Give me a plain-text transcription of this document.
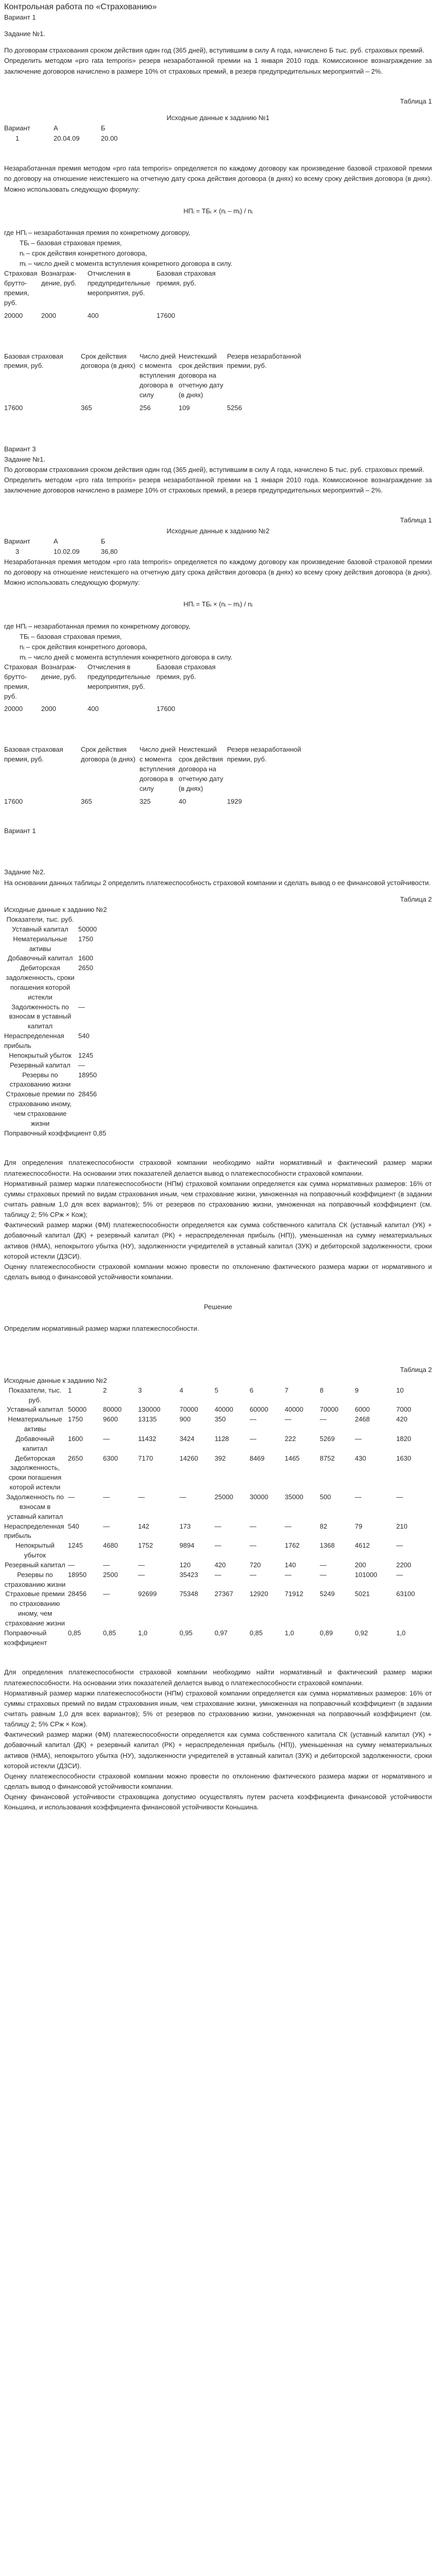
Контрольная работа по «Страхованию»

Вариант 1

Задание №1.

По договорам страхования сроком действия один год (365 дней), вступившим в силу А года, начислено Б тыс. руб. страховых премий.

Определить методом «pro rata temporis» резерв незаработанной премии на 1 января 2010 года. Комиссионное вознаграждение за заключение договоров начислено в размере 10% от страховых премий, в резерв предупредительных мероприятий – 2%.

Таблица 1

Исходные данные к заданию №1

Вариант	А	Б
1	20.04.09	20.00

Незаработанная премия методом «pro rata temporis» определяется по каждому договору как произведение базовой страховой премии по договору на отношение неистекшего на отчетную дату срока действия договора (в днях) ко всему сроку действия договора (в днях). Можно использовать следующую формулу:

НПᵢ = ТБᵢ × (nᵢ – mᵢ) / nᵢ

где НПᵢ – незаработанная премия по конкретному договору,

ТБᵢ – базовая страховая премия,

nᵢ – срок действия конкретного договора,

mᵢ – число дней с момента вступления конкретного договора в силу.

Страховая брутто-премия, руб.	Вознаграж-дение, руб.	Отчисления в предупредительные мероприятия, руб.	Базовая страховая премия, руб.
20000	2000	400	17600
Базовая страховая премия, руб.	Срок действия договора (в днях)	Число дней с момента вступления договора в силу	Неистекший срок действия договора на отчетную дату (в днях)	Резерв незаработанной премии, руб.
17600	365	256	109	5256

Вариант 3

Задание №1.

По договорам страхования сроком действия один год (365 дней), вступившим в силу А года, начислено Б тыс. руб. страховых премий.

Определить методом «pro rata temporis» резерв незаработанной премии на 1 января 2010 года. Комиссионное вознаграждение за заключение договоров начислено в размере 10% от страховых премий, в резерв предупредительных мероприятий – 2%.

Таблица 1

Исходные данные к заданию №2

Вариант	А	Б
3	10.02.09	36,80

Незаработанная премия методом «pro rata temporis» определяется по каждому договору как произведение базовой страховой премии по договору на отношение неистекшего на отчетную дату срока действия договора (в днях) ко всему сроку действия договора (в днях). Можно использовать следующую формулу:

НПᵢ = ТБᵢ × (nᵢ – mᵢ) / nᵢ

где НПᵢ – незаработанная премия по конкретному договору,

ТБᵢ – базовая страховая премия,

nᵢ – срок действия конкретного договора,

mᵢ – число дней с момента вступления конкретного договора в силу.

Страховая брутто-премия, руб.	Вознаграж-дение, руб.	Отчисления в предупредительные мероприятия, руб.	Базовая страховая премия, руб.
20000	2000	400	17600
Базовая страховая премия, руб.	Срок действия договора (в днях)	Число дней с момента вступления договора в силу	Неистекший срок действия договора на отчетную дату (в днях)	Резерв незаработанной премии, руб.
17600	365	325	40	1929

Вариант 1

Задание №2.

На основании данных таблицы 2 определить платежеспособность страховой компании и сделать вывод о ее финансовой устойчивости.

Таблица 2

Исходные данные к заданию №2

Показатели, тыс. руб.	
Уставный капитал	50000
Нематериальные активы	1750
Добавочный капитал	1600
Дебиторская задолженность, сроки погашения которой истекли	2650
Задолженность по взносам в уставный капитал	—
Нераспределенная прибыль	540
Непокрытый убыток	1245
Резервный капитал	—
Резервы по страхованию жизни	18950
Страховые премии по страхованию иному, чем страхование жизни	28456
Поправочный коэффициент 0,85	

Для определения платежеспособности страховой компании необходимо найти нормативный и фактический размер маржи платежеспособности. На основании этих показателей делается вывод о платежеспособности страховой компании.

Нормативный размер маржи платежеспособности (НПм) страховой компании определяется как сумма нормативных размеров: 16% от суммы страховых премий по видам страхования иным, чем страхование жизни, умноженная на поправочный коэффициент (в задании считать равным 1,0 для всех вариантов); 5% от резервов по страхованию жизни, умноженная на поправочный коэффициент (см. таблицу 2; 5% СРж × Кож);

Фактический размер маржи (ФМ) платежеспособности определяется как сумма собственного капитала СК (уставный капитал (УК) + добавочный капитал (ДК) + резервный капитал (РК) + нераспределенная прибыль (НП)), уменьшенная на сумму нематериальных активов (НМА), непокрытого убытка (НУ), задолженности учредителей в уставный капитал (ЗУК) и дебиторской задолженности, сроки которой истекли (ДЗСИ).

Оценку платежеспособности страховой компании можно провести по отклонению фактического размера маржи от нормативного и сделать вывод о финансовой устойчивости компании.

Решение

Определим нормативный размер маржи платежеспособности.

Таблица 2

Исходные данные к заданию №2

Показатели, тыс. руб.	1	2	3	4	5	6	7	8	9	10
Уставный капитал	50000	80000	130000	70000	40000	60000	40000	70000	6000	7000
Нематериальные активы	1750	9600	13135	900	350	—	—	—	2468	420
Добавочный капитал	1600	—	11432	3424	1128	—	222	5269	—	1820
Дебиторская задолженность, сроки погашения которой истекли	2650	6300	7170	14260	392	8469	1465	8752	430	1630
Задолженность по взносам в уставный капитал	—	—	—	—	25000	30000	35000	500	—	—
Нераспределенная прибыль	540	—	142	173	—	—	—	82	79	210
Непокрытый убыток	1245	4680	1752	9894	—	—	1762	1368	4612	—
Резервный капитал	—	—	—	120	420	720	140	—	200	2200
Резервы по страхованию жизни	18950	2500	—	35423	—	—	—	—	101000	—
Страховые премии по страхованию иному, чем страхование жизни	28456	—	92699	75348	27367	12920	71912	5249	5021	63100
Поправочный коэффициент	0,85	0,85	1,0	0,95	0,97	0,85	1,0	0,89	0,92	1,0

Для определения платежеспособности страховой компании необходимо найти нормативный и фактический размер маржи платежеспособности. На основании этих показателей делается вывод о платежеспособности страховой компании.

Нормативный размер маржи платежеспособности (НПм) страховой компании определяется как сумма нормативных размеров: 16% от суммы страховых премий по видам страхования иным, чем страхование жизни, умноженная на поправочный коэффициент (в задании считать равным 1,0 для всех вариантов); 5% от резервов по страхованию жизни, умноженная на поправочный коэффициент (см. таблицу 2; 5% СРж × Кож).

Фактический размер маржи (ФМ) платежеспособности определяется как сумма собственного капитала СК (уставный капитал (УК) + добавочный капитал (ДК) + резервный капитал (РК) + нераспределенная прибыль (НП)), уменьшенная на сумму нематериальных активов (НМА), непокрытого убытка (НУ), задолженности учредителей в уставный капитал (ЗУК) и дебиторской задолженности, сроки которой истекли (ДЗСИ).

Оценку платежеспособности страховой компании можно провести по отклонению фактического размера маржи от нормативного и сделать вывод о финансовой устойчивости компании.

Оценку финансовой устойчивости страховщика допустимо осуществлять путем расчета коэффициента финансовой устойчивости Коньшина, и использования коэффициента финансовой устойчивости Коньшина.
